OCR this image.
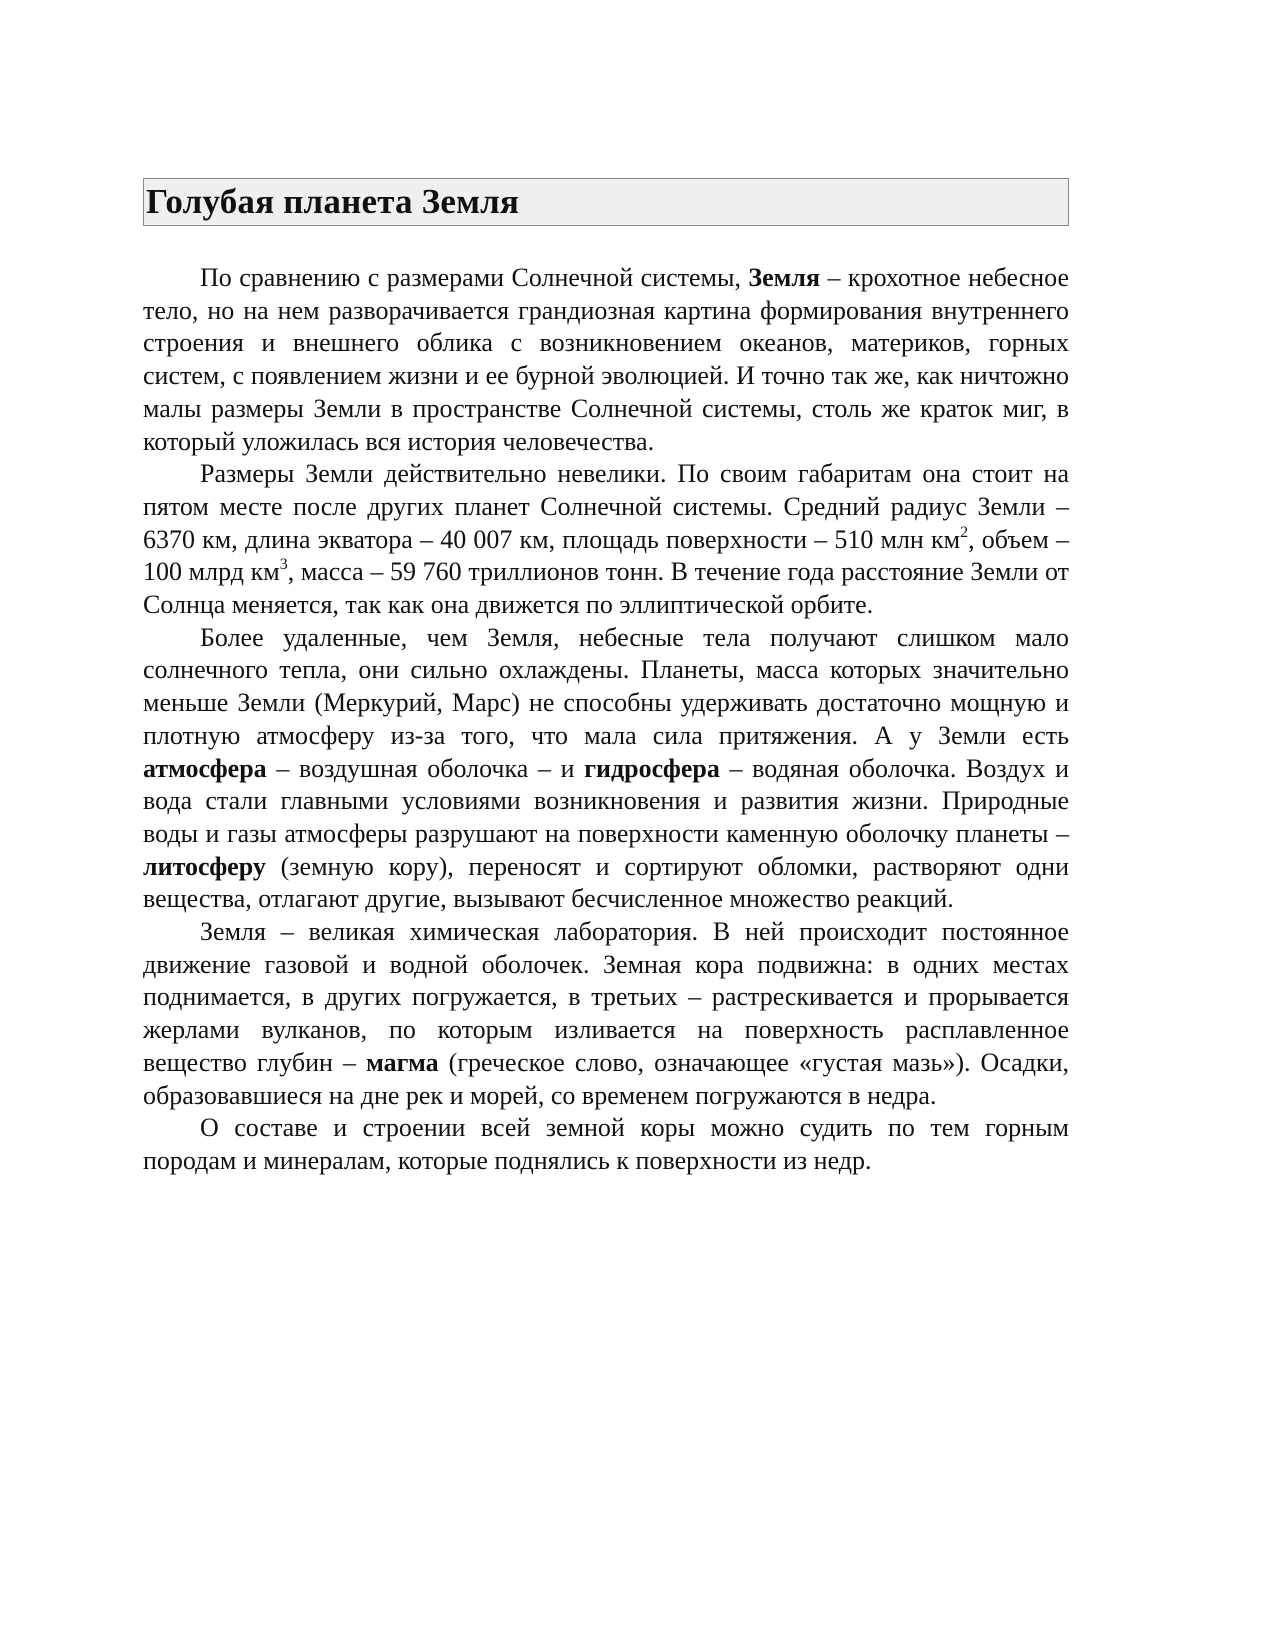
Голубая планета Земля

По сравнению с размерами Солнечной системы, Земля – крохотное небесное тело, но на нем разворачивается грандиозная картина формирования внутреннего строения и внешнего облика с возникновением океанов, материков, горных систем, с появлением жизни и ее бурной эволюцией. И точно так же, как ничтожно малы размеры Земли в пространстве Солнечной системы, столь же краток миг, в который уложилась вся история человечества.

Размеры Земли действительно невелики. По своим габаритам она стоит на пятом месте после других планет Солнечной системы. Средний радиус Земли – 6370 км, длина экватора – 40 007 км, площадь поверхности – 510 млн $км^2$, объем – 100 млрд $км^3$, масса – 59 760 триллионов тонн. В течение года расстояние Земли от Солнца меняется, так как она движется по эллиптической орбите.

Более удаленные, чем Земля, небесные тела получают слишком мало солнечного тепла, они сильно охлаждены. Планеты, масса которых значительно меньше Земли (Меркурий, Марс) не способны удерживать достаточно мощную и плотную атмосферу из-за того, что мала сила притяжения. А у Земли есть атмосфера – воздушная оболочка – и гидросфера – водяная оболочка. Воздух и вода стали главными условиями возникновения и развития жизни. Природные воды и газы атмосферы разрушают на поверхности каменную оболочку планеты – литосферу (земную кору), переносят и сортируют обломки, растворяют одни вещества, отлагают другие, вызывают бесчисленное множество реакций.

Земля – великая химическая лаборатория. В ней происходит постоянное движение газовой и водной оболочек. Земная кора подвижна: в одних местах поднимается, в других погружается, в третьих – растрескивается и прорывается жерлами вулканов, по которым изливается на поверхность расплавленное вещество глубин – магма (греческое слово, означающее «густая мазь»). Осадки, образовавшиеся на дне рек и морей, со временем погружаются в недра.

О составе и строении всей земной коры можно судить по тем горным породам и минералам, которые поднялись к поверхности из недр.
